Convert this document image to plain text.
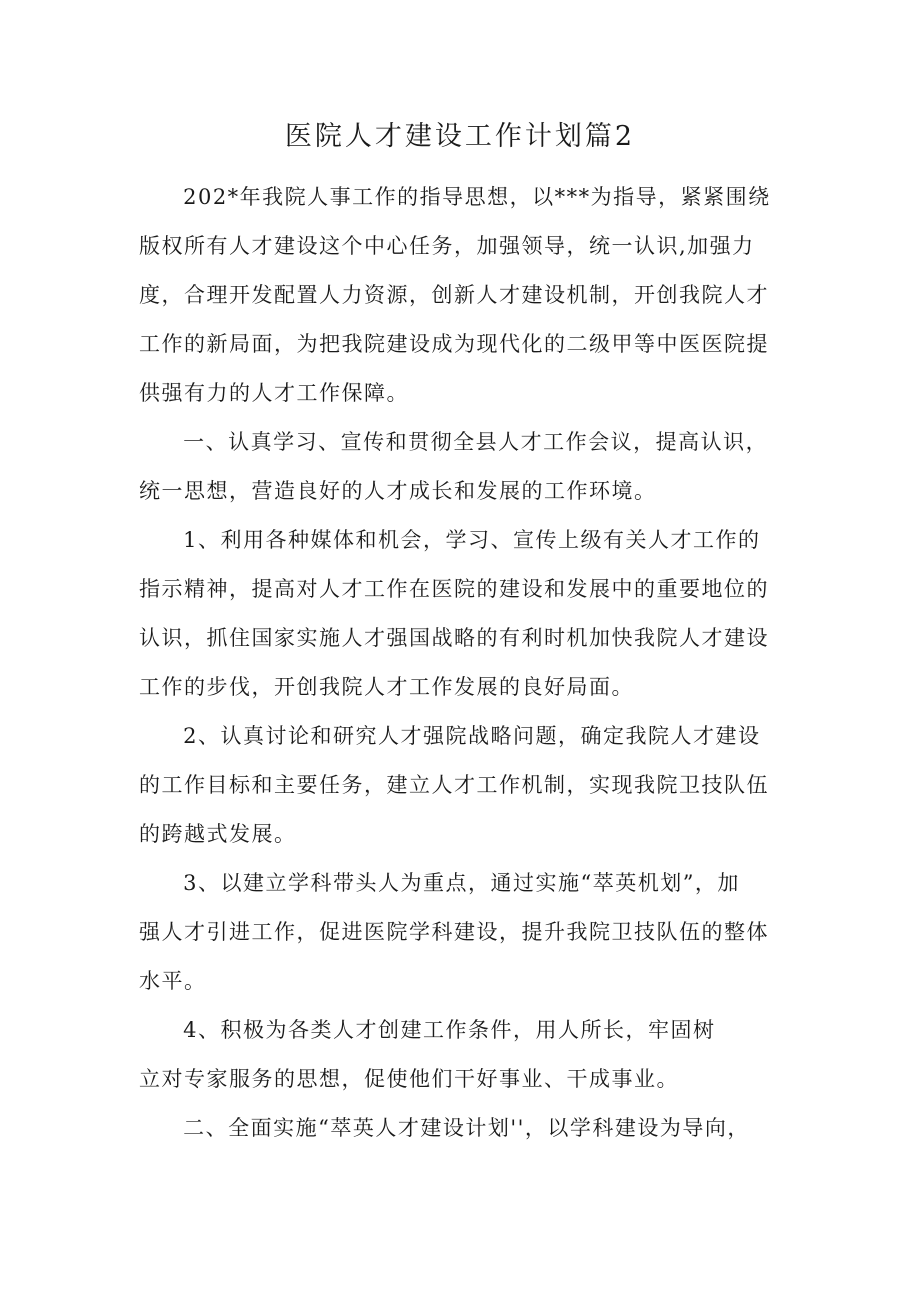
医院人才建设工作计划篇2
202*年我院人事工作的指导思想，以***为指导，紧紧围绕
版权所有人才建设这个中心任务，加强领导，统一认识,加强力
度，合理开发配置人力资源，创新人才建设机制，开创我院人才
工作的新局面，为把我院建设成为现代化的二级甲等中医医院提
供强有力的人才工作保障。
一、认真学习、宣传和贯彻全县人才工作会议，提高认识，
统一思想，营造良好的人才成长和发展的工作环境。
1、利用各种媒体和机会，学习、宣传上级有关人才工作的
指示精神，提高对人才工作在医院的建设和发展中的重要地位的
认识，抓住国家实施人才强国战略的有利时机加快我院人才建设
工作的步伐，开创我院人才工作发展的良好局面。
2、认真讨论和研究人才强院战略问题，确定我院人才建设
的工作目标和主要任务，建立人才工作机制，实现我院卫技队伍
的跨越式发展。
3、以建立学科带头人为重点，通过实施“萃英机划”，加
强人才引进工作，促进医院学科建设，提升我院卫技队伍的整体
水平。
4、积极为各类人才创建工作条件，用人所长，牢固树
立对专家服务的思想，促使他们干好事业、干成事业。
二、全面实施“萃英人才建设计划''，以学科建设为导向，
